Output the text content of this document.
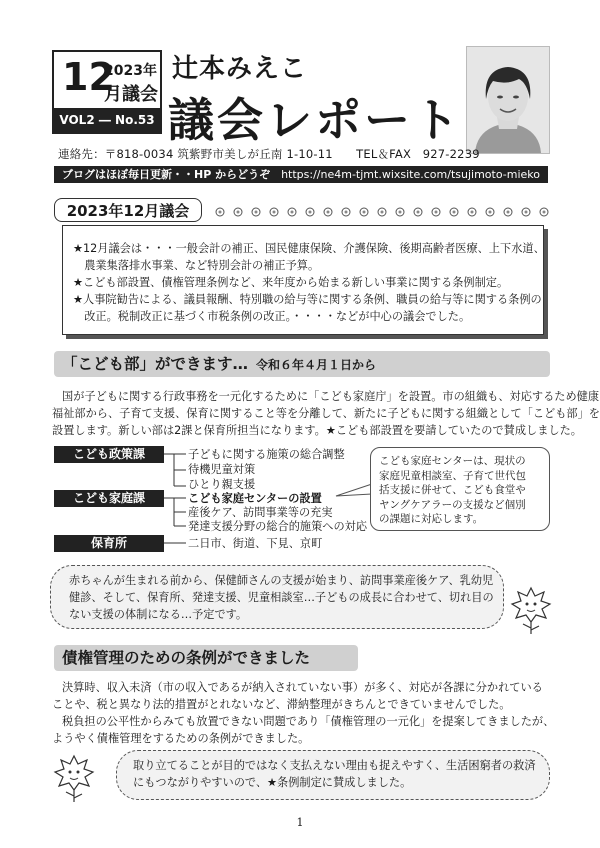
12
2023年
月議会
VOL2 ― No.53
辻本みえこ
議会レポート
連絡先：〒818-0034 筑紫野市美しが丘南 1-10-11　　TEL＆FAX　927-2239
ブログはほぼ毎日更新・・HP からどうぞ https://ne4m-tjmt.wixsite.com/tsujimoto-mieko
★12月議会は・・・一般会計の補正、国民健康保険、介護保険、後期高齢者医療、上下水道、
　農業集落排水事業、など特別会計の補正予算。
★こども部設置、債権管理条例など、来年度から始まる新しい事業に関する条例制定。
★人事院勧告による、議員報酬、特別職の給与等に関する条例、職員の給与等に関する条例の
　改正。税制改正に基づく市税条例の改正。・・・・などが中心の議会でした。
2023年12月議会
「こども部」ができます… 令和６年４月１日から
国が子どもに関する行政事務を一元化するために「こども家庭庁」を設置。市の組織も、対応するため健康
福祉部から、子育て支援、保育に関すること等を分離して、新たに子どもに関する組織として「こども部」を
設置します。新しい部は2課と保育所担当になります。★こども部設置を要請していたので賛成しました。
こども政策課	子どもに関する施策の総合調整
待機児童対策
ひとり親支援
こども家庭課	こども家庭センターの設置
産後ケア、訪問事業等の充実
発達支援分野の総合的施策への対応
保育所	二日市、街道、下見、京町
こども家庭センターは、現状の
家庭児童相談室、子育て世代包
括支援に併せて、こども食堂や
ヤングケアラーの支援など個別
の課題に対応します。
赤ちゃんが生まれる前から、保健師さんの支援が始まり、訪問事業産後ケア、乳幼児
健診、そして、保育所、発達支援、児童相談室…子どもの成長に合わせて、切れ目の
ない支援の体制になる…予定です。
債権管理のための条例ができました
決算時、収入未済（市の収入であるが納入されていない事）が多く、対応が各課に分かれている
ことや、税と異なり法的措置がとれないなど、滞納整理がきちんとできていませんでした。
税負担の公平性からみても放置できない問題であり「債権管理の一元化」を提案してきましたが、
ようやく債権管理をするための条例ができました。
取り立てることが目的ではなく支払えない理由も捉えやすく、生活困窮者の救済
にもつながりやすいので、★条例制定に賛成しました。
1
